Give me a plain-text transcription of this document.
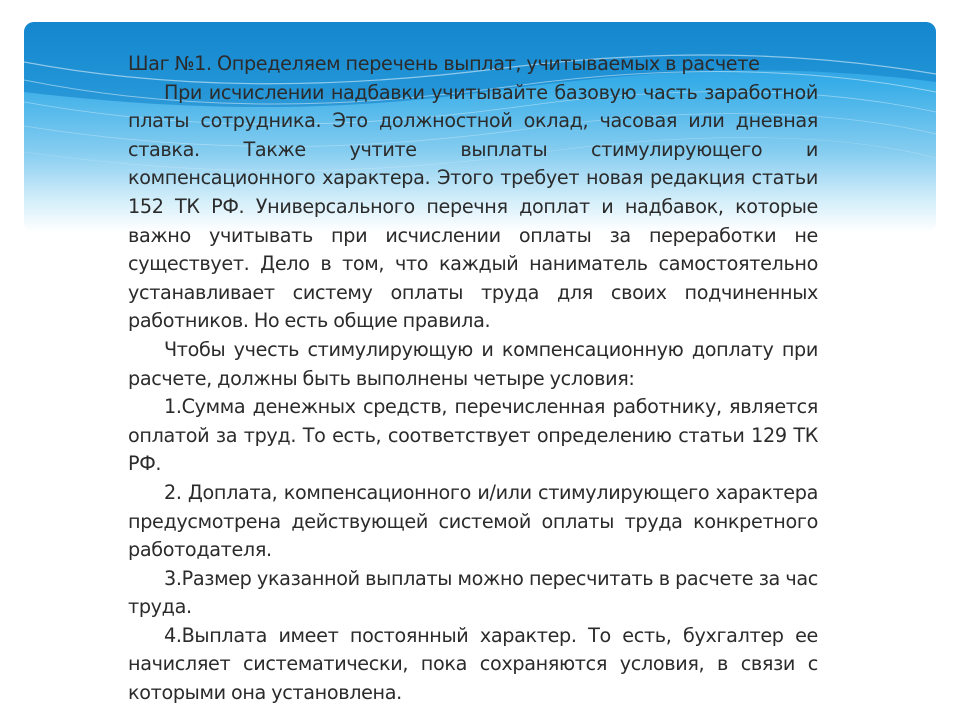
Шаг №1. Определяем перечень выплат, учитываемых в расчете

При исчислении надбавки учитывайте базовую часть заработной платы сотрудника. Это должностной оклад, часовая или дневная ставка. Также учтите выплаты стимулирующего и компенсационного характера. Этого требует новая редакция статьи 152 ТК РФ. Универсального перечня доплат и надбавок, которые важно учитывать при исчислении оплаты за переработки не существует. Дело в том, что каждый наниматель самостоятельно устанавливает систему оплаты труда для своих подчиненных работников. Но есть общие правила.

Чтобы учесть стимулирующую и компенсационную доплату при расчете, должны быть выполнены четыре условия:

1.Сумма денежных средств, перечисленная работнику, является оплатой за труд. То есть, соответствует определению статьи 129 ТК РФ.

2. Доплата, компенсационного и/или стимулирующего характера предусмотрена действующей системой оплаты труда конкретного работодателя.

3.Размер указанной выплаты можно пересчитать в расчете за час труда.

4.Выплата имеет постоянный характер. То есть, бухгалтер ее начисляет систематически, пока сохраняются условия, в связи с которыми она установлена.
